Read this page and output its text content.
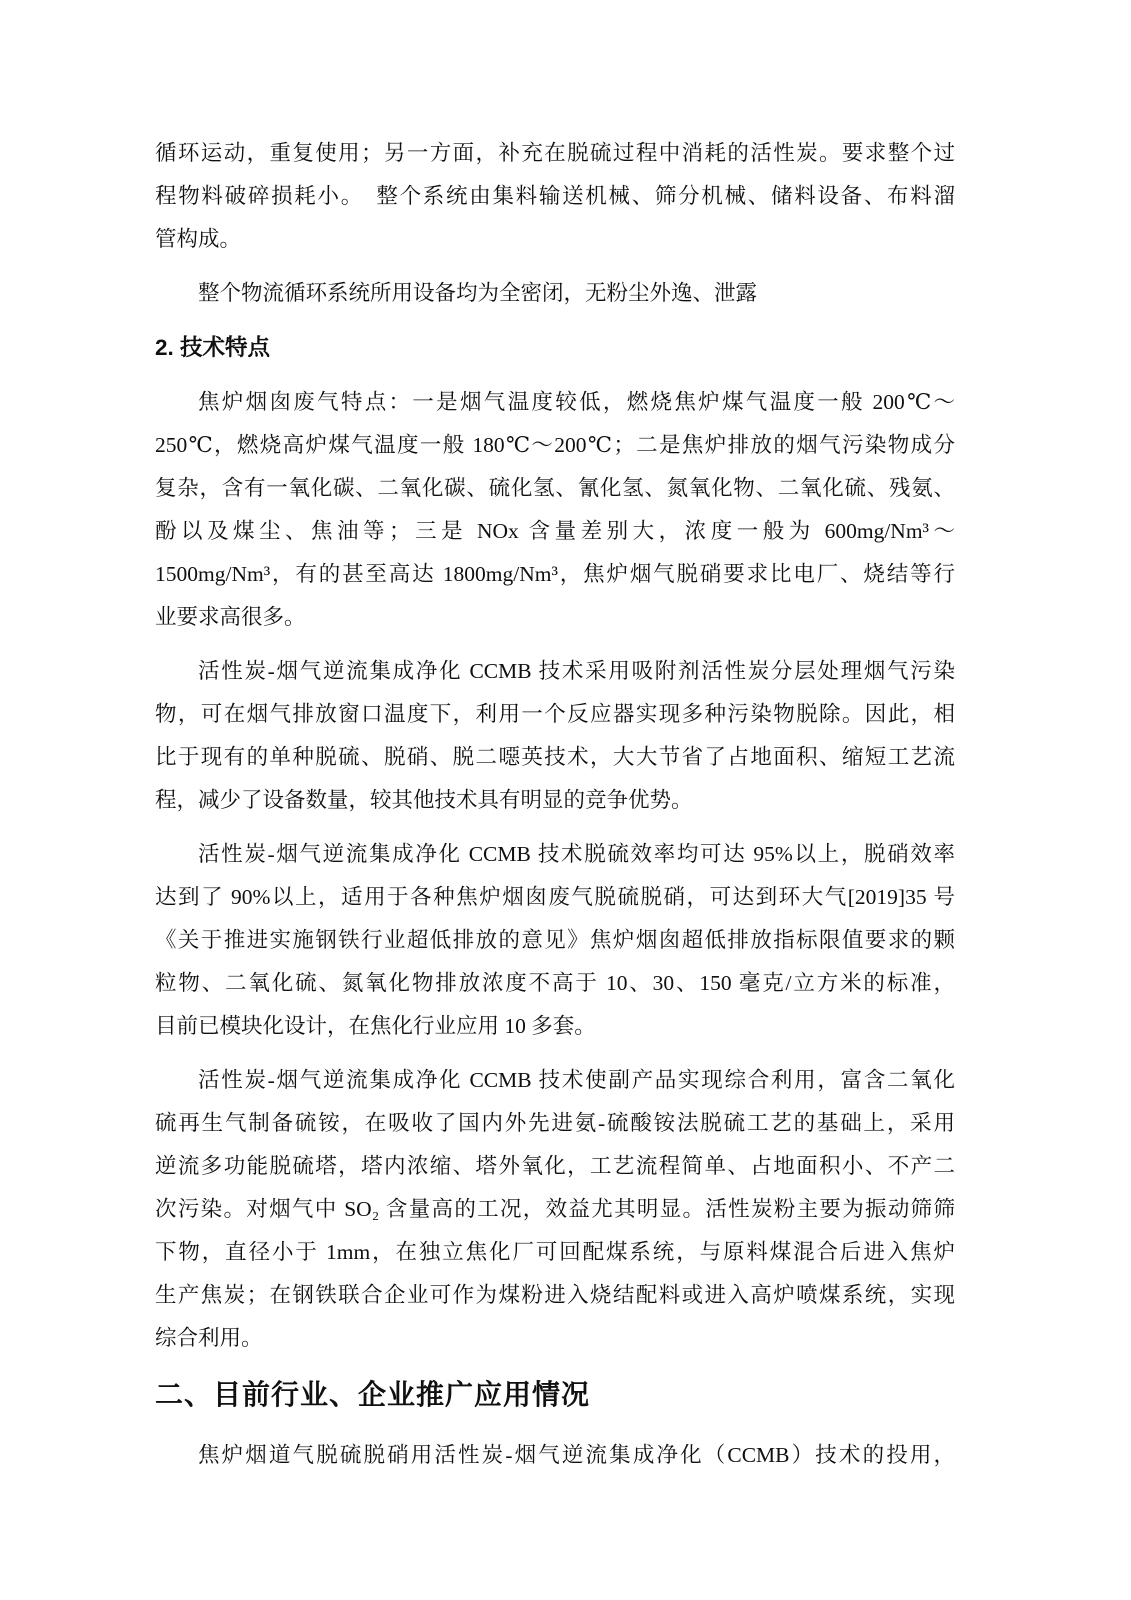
循环运动，重复使用；另一方面，补充在脱硫过程中消耗的活性炭。要求整个过
程物料破碎损耗小。　整个系统由集料输送机械、筛分机械、储料设备、布料溜
管构成。
整个物流循环系统所用设备均为全密闭，无粉尘外逸、泄露
2. 技术特点
焦炉烟囱废气特点：一是烟气温度较低，燃烧焦炉煤气温度一般 200℃～
250℃，燃烧高炉煤气温度一般 180℃～200℃；二是焦炉排放的烟气污染物成分
复杂，含有一氧化碳、二氧化碳、硫化氢、氰化氢、氮氧化物、二氧化硫、残氨、
酚以及煤尘、焦油等；三是 NOx 含量差别大，浓度一般为 600mg/Nm³～
1500mg/Nm³，有的甚至高达 1800mg/Nm³，焦炉烟气脱硝要求比电厂、烧结等行
业要求高很多。
活性炭-烟气逆流集成净化 CCMB 技术采用吸附剂活性炭分层处理烟气污染
物，可在烟气排放窗口温度下，利用一个反应器实现多种污染物脱除。因此，相
比于现有的单种脱硫、脱硝、脱二噁英技术，大大节省了占地面积、缩短工艺流
程，减少了设备数量，较其他技术具有明显的竞争优势。
活性炭-烟气逆流集成净化 CCMB 技术脱硫效率均可达 95%以上，脱硝效率
达到了 90%以上，适用于各种焦炉烟囱废气脱硫脱硝，可达到环大气[2019]35 号
《关于推进实施钢铁行业超低排放的意见》焦炉烟囱超低排放指标限值要求的颗
粒物、二氧化硫、氮氧化物排放浓度不高于 10、30、150 毫克/立方米的标准，
目前已模块化设计，在焦化行业应用 10 多套。
活性炭-烟气逆流集成净化 CCMB 技术使副产品实现综合利用，富含二氧化
硫再生气制备硫铵，在吸收了国内外先进氨-硫酸铵法脱硫工艺的基础上，采用
逆流多功能脱硫塔，塔内浓缩、塔外氧化，工艺流程简单、占地面积小、不产二
次污染。对烟气中 SO₂ 含量高的工况，效益尤其明显。活性炭粉主要为振动筛筛
下物，直径小于 1mm，在独立焦化厂可回配煤系统，与原料煤混合后进入焦炉
生产焦炭；在钢铁联合企业可作为煤粉进入烧结配料或进入高炉喷煤系统，实现
综合利用。
二、目前行业、企业推广应用情况
焦炉烟道气脱硫脱硝用活性炭-烟气逆流集成净化（CCMB）技术的投用，
